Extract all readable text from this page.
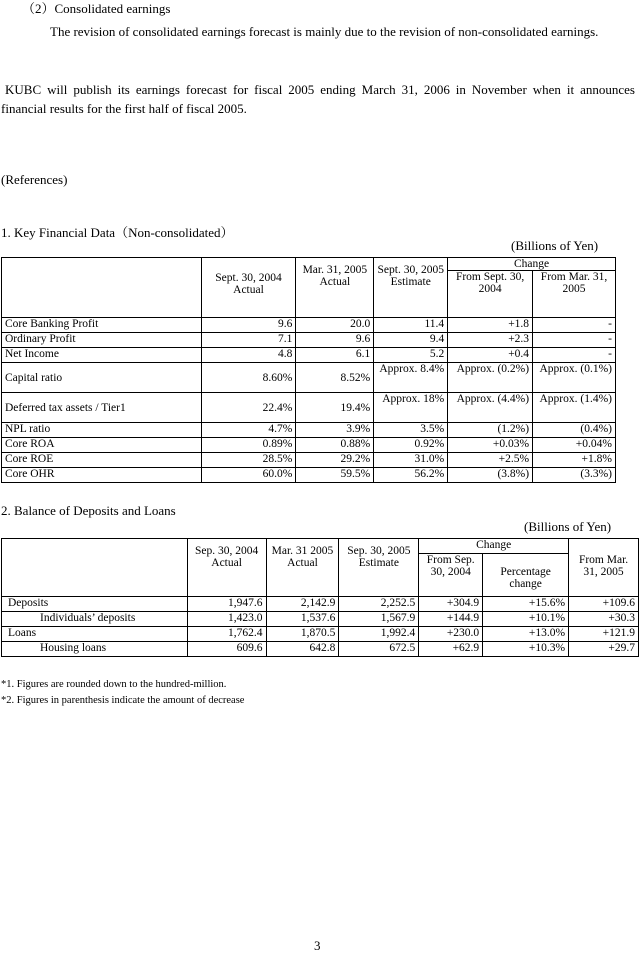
（2）Consolidated earnings
The revision of consolidated earnings forecast is mainly due to the revision of non-consolidated earnings.
KUBC will publish its earnings forecast for fiscal 2005 ending March 31, 2006 in November when it announces financial results for the first half of fiscal 2005.
(References)
1. Key Financial Data（Non-consolidated）
(Billions of Yen)
	Sept. 30, 2004 Actual	Mar. 31, 2005 Actual	Sept. 30, 2005 Estimate	Change	
				From Sept. 30, 2004	From Mar. 31, 2005
Core Banking Profit	9.6	20.0	11.4	+1.8	-
Ordinary Profit	7.1	9.6	9.4	+2.3	-
Net Income	4.8	6.1	5.2	+0.4	-
Capital ratio	8.60%	8.52%	Approx. 8.4%	Approx. (0.2%)	Approx. (0.1%)
Deferred tax assets / Tier1	22.4%	19.4%	Approx. 18%	Approx. (4.4%)	Approx. (1.4%)
NPL ratio	4.7%	3.9%	3.5%	(1.2%)	(0.4%)
Core ROA	0.89%	0.88%	0.92%	+0.03%	+0.04%
Core ROE	28.5%	29.2%	31.0%	+2.5%	+1.8%
Core OHR	60.0%	59.5%	56.2%	(3.8%)	(3.3%)
2. Balance of Deposits and Loans
(Billions of Yen)
	Sep. 30, 2004 Actual	Mar. 31 2005 Actual	Sep. 30, 2005 Estimate	Change		From Mar. 31, 2005
				From Sep. 30, 2004	Percentage change	
Deposits	1,947.6	2,142.9	2,252.5	+304.9	+15.6%	+109.6
Individuals’ deposits	1,423.0	1,537.6	1,567.9	+144.9	+10.1%	+30.3
Loans	1,762.4	1,870.5	1,992.4	+230.0	+13.0%	+121.9
Housing loans	609.6	642.8	672.5	+62.9	+10.3%	+29.7
*1. Figures are rounded down to the hundred-million.
*2. Figures in parenthesis indicate the amount of decrease
3
